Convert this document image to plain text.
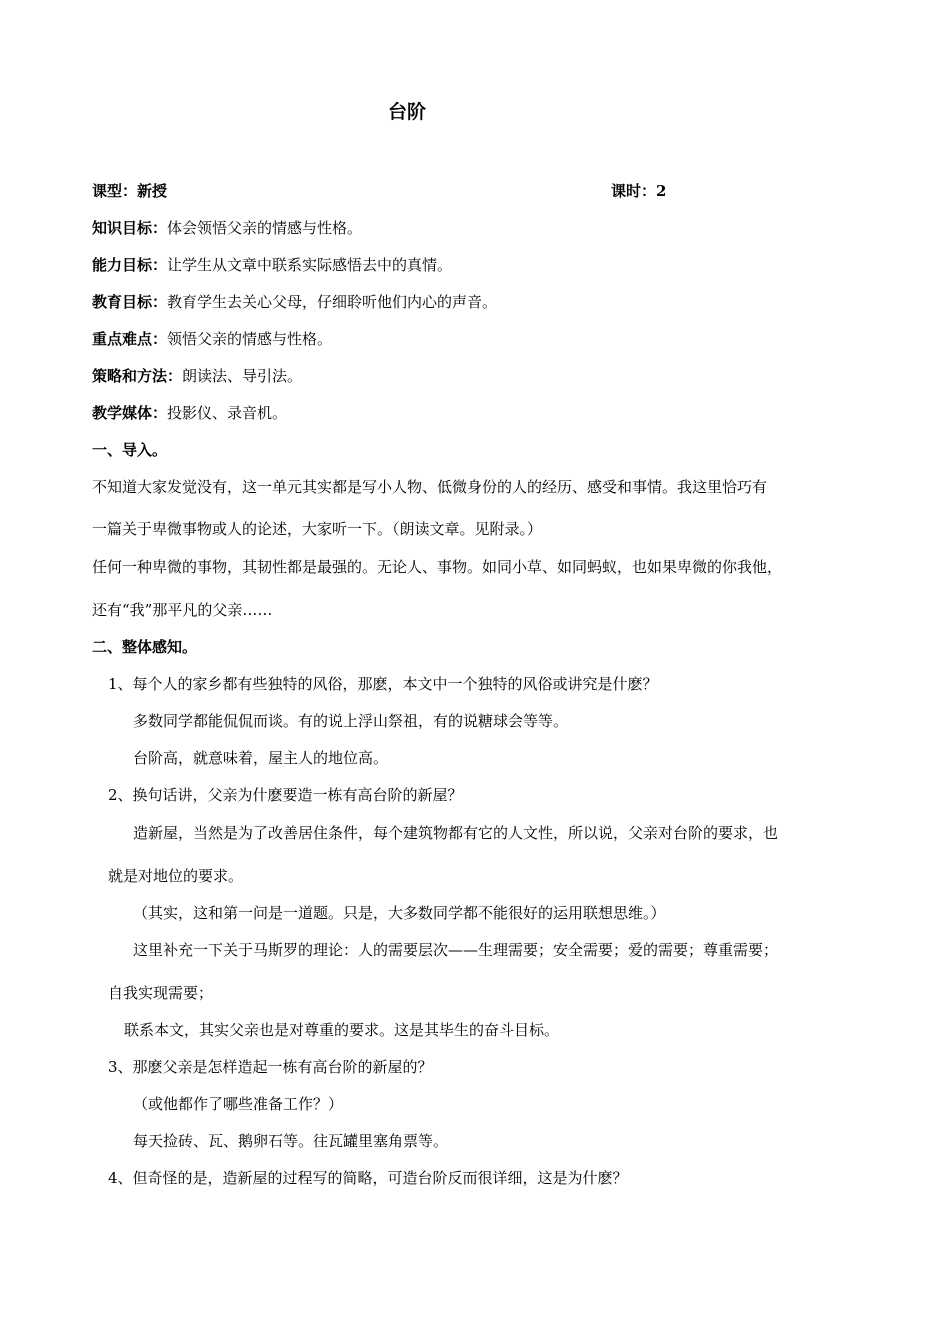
台阶
课型：新授	课时：2
知识目标：体会领悟父亲的情感与性格。
能力目标：让学生从文章中联系实际感悟去中的真情。
教育目标：教育学生去关心父母，仔细聆听他们内心的声音。
重点难点：领悟父亲的情感与性格。
策略和方法：朗读法、导引法。
教学媒体：投影仪、录音机。
一、导入。
不知道大家发觉没有，这一单元其实都是写小人物、低微身份的人的经历、感受和事情。我这里恰巧有
一篇关于卑微事物或人的论述，大家听一下。（朗读文章。见附录。）
任何一种卑微的事物，其韧性都是最强的。无论人、事物。如同小草、如同蚂蚁，也如果卑微的你我他，
还有“我”那平凡的父亲……
二、整体感知。
1、每个人的家乡都有些独特的风俗，那麽，本文中一个独特的风俗或讲究是什麽？
多数同学都能侃侃而谈。有的说上浮山祭祖，有的说糖球会等等。
台阶高，就意味着，屋主人的地位高。
2、换句话讲，父亲为什麽要造一栋有高台阶的新屋？
造新屋，当然是为了改善居住条件，每个建筑物都有它的人文性，所以说，父亲对台阶的要求，也
就是对地位的要求。
（其实，这和第一问是一道题。只是，大多数同学都不能很好的运用联想思维。）
这里补充一下关于马斯罗的理论：人的需要层次——生理需要；安全需要；爱的需要；尊重需要；
自我实现需要；
联系本文，其实父亲也是对尊重的要求。这是其毕生的奋斗目标。
3、那麽父亲是怎样造起一栋有高台阶的新屋的？
（或他都作了哪些准备工作？）
每天捡砖、瓦、鹅卵石等。往瓦罐里塞角票等。
4、但奇怪的是，造新屋的过程写的简略，可造台阶反而很详细，这是为什麽？
